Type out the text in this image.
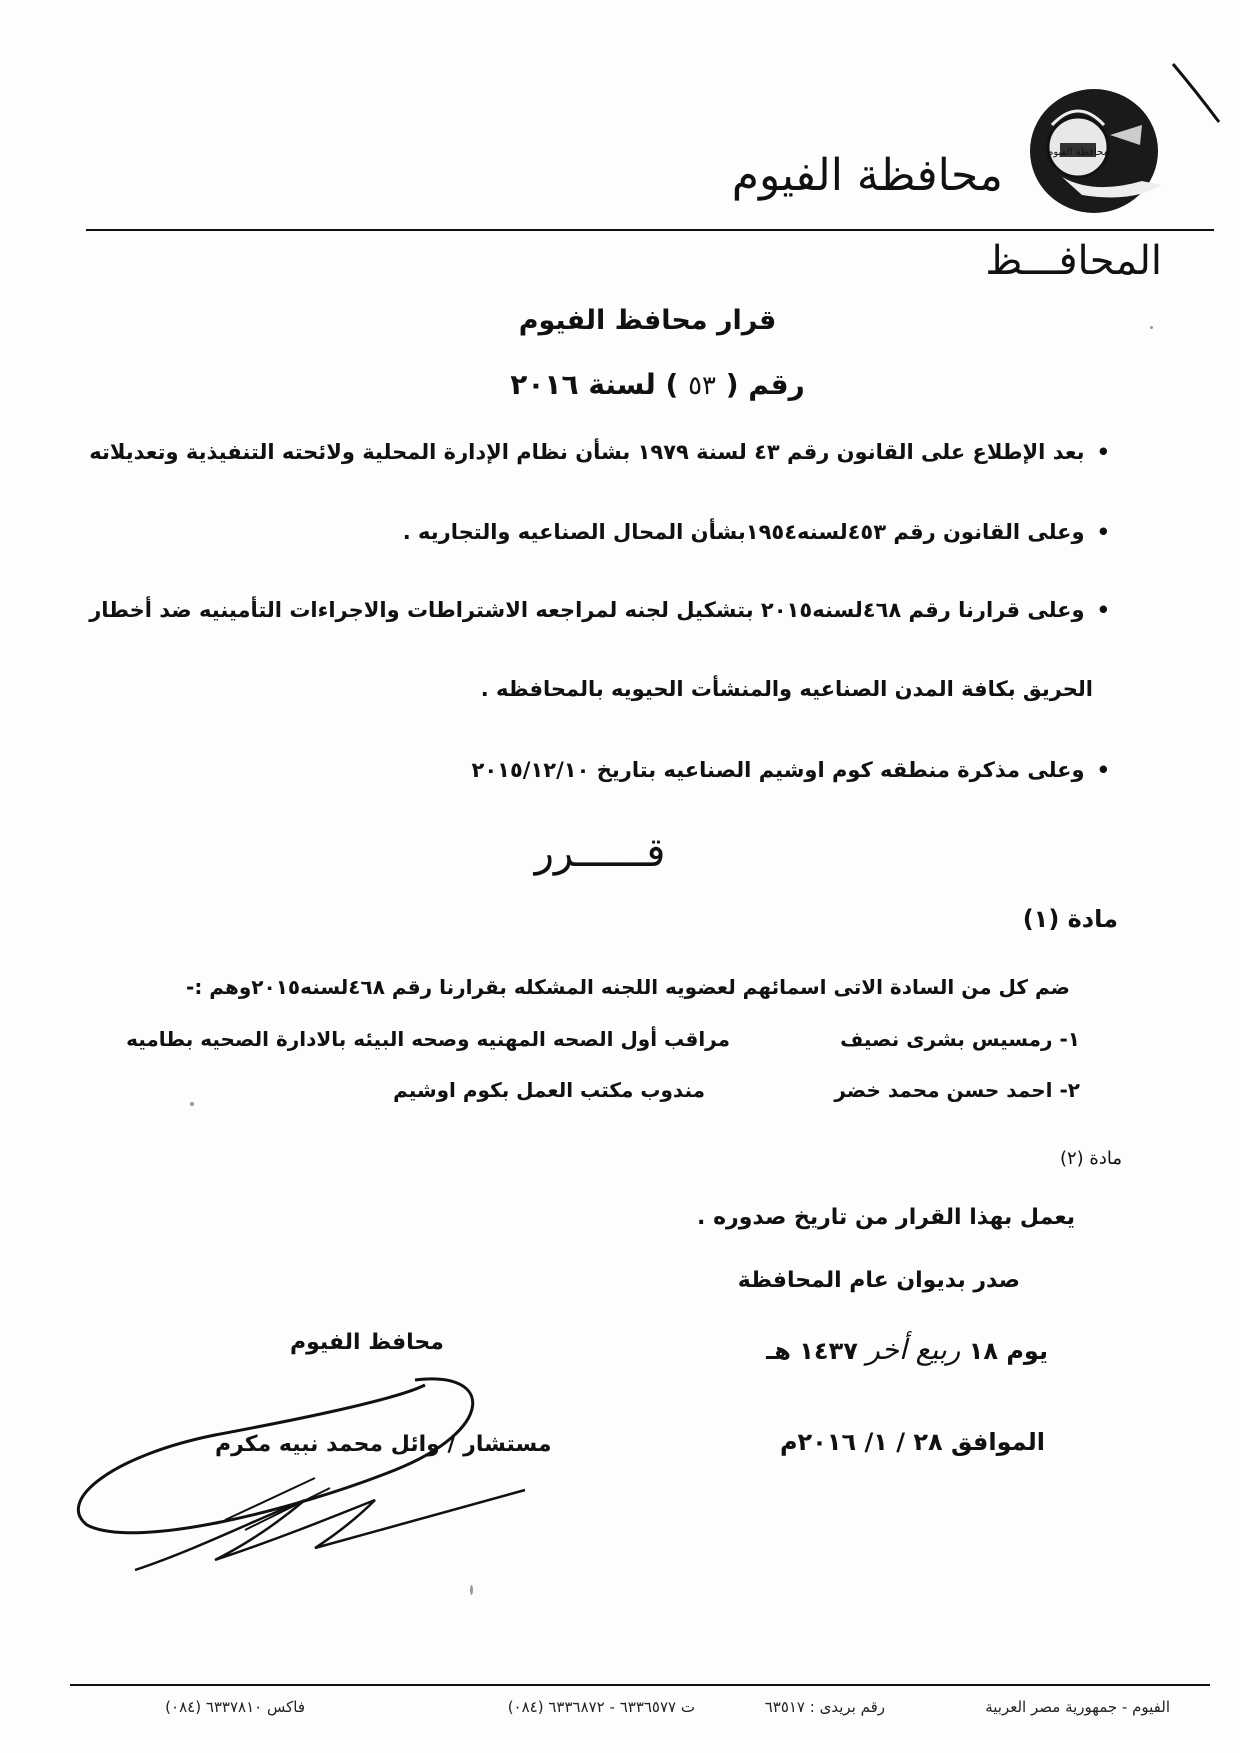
محافظة الفيوم
محافظة الفيوم
المحافـــظ
قرار محافظ الفيوم
رقم ( ٥٣ ) لسنة ٢٠١٦
•بعد الإطلاع على القانون رقم ٤٣ لسنة ١٩٧٩ بشأن نظام الإدارة المحلية ولائحته التنفيذية وتعديلاته
•وعلى القانون رقم ٤٥٣لسنه١٩٥٤بشأن المحال الصناعيه والتجاريه .
•وعلى قرارنا رقم ٤٦٨لسنه٢٠١٥ بتشكيل لجنه لمراجعه الاشتراطات والاجراءات التأمينيه ضد أخطار
الحريق بكافة المدن الصناعيه والمنشأت الحيويه بالمحافظه .
•وعلى مذكرة منطقه كوم اوشيم الصناعيه بتاريخ ٢٠١٥/١٢/١٠
قــــــرر
مادة (١)
ضم كل من السادة الاتى اسمائهم لعضويه اللجنه المشكله بقرارنا رقم ٤٦٨لسنه٢٠١٥وهم :-
١- رمسيس بشرى نصيف
مراقب أول الصحه المهنيه وصحه البيئه بالادارة الصحيه بطاميه
٢- احمد حسن محمد خضر
مندوب مكتب العمل بكوم اوشيم
مادة (٢)
يعمل بهذا القرار من تاريخ صدوره .
صدر بديوان عام المحافظة
يوم ١٨ ربيع أخر ١٤٣٧ هـ
الموافق ٢٨ / ١/ ٢٠١٦م
محافظ الفيوم
مستشار / وائل محمد نبيه مكرم
الفيوم - جمهورية مصر العربية
رقم بريدى : ٦٣٥١٧
ت ٦٣٣٦٥٧٧ - ٦٣٣٦٨٧٢ (٠٨٤)
فاكس ٦٣٣٧٨١٠ (٠٨٤)
